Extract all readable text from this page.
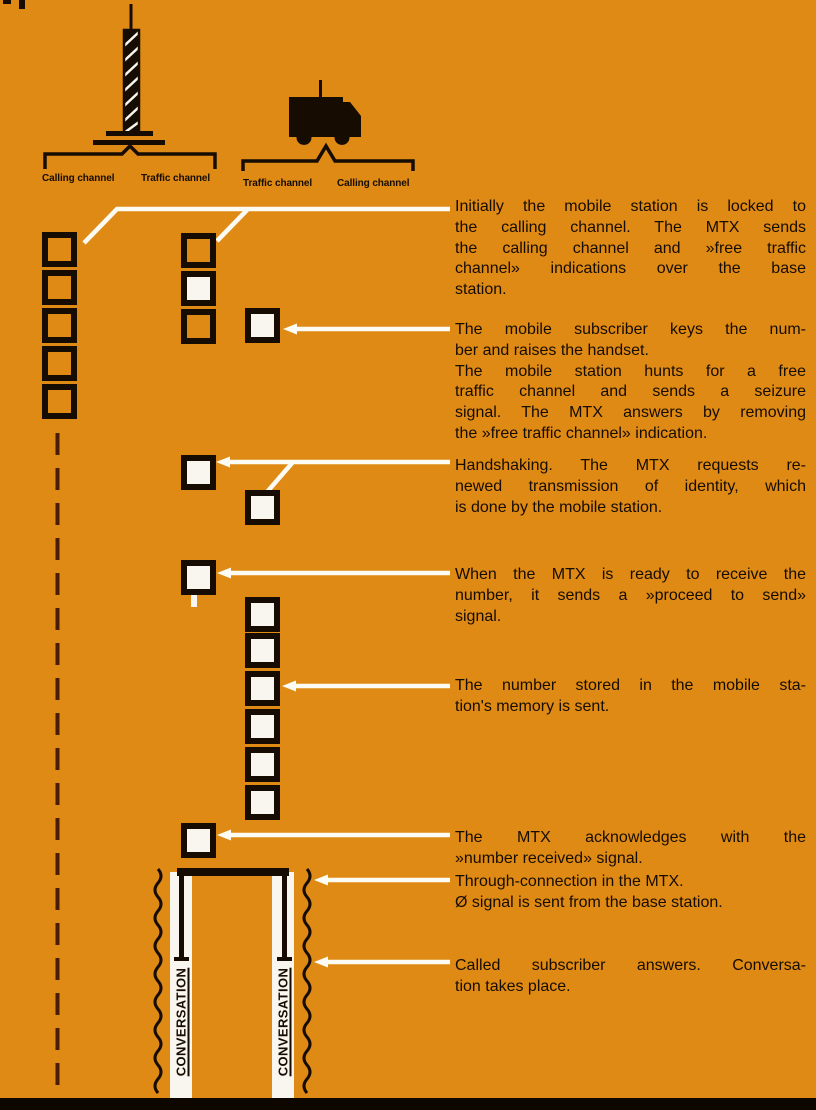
Calling channel	Traffic channel	Traffic channel Calling channel
Initially the mobile station is locked to
the calling channel. The MTX sends
the calling channel and »free traffic
channel» indications over the base
station.
The mobile subscriber keys the num-
ber and raises the handset.
The mobile station hunts for a free
traffic channel and sends a seizure
signal. The MTX answers by removing
the »free traffic channel» indication.
Handshaking. The MTX requests re-
newed transmission of identity, which
is done by the mobile station.
When the MTX is ready to receive the
number, it sends a »proceed to send»
signal.
The number stored in the mobile sta-
tion's memory is sent.
The MTX acknowledges with the
»number received» signal.
Through-connection in the MTX.
Ø signal is sent from the base station.
Called subscriber answers. Conversa-
tion takes place.
CONVERSATION	CONVERSATION
